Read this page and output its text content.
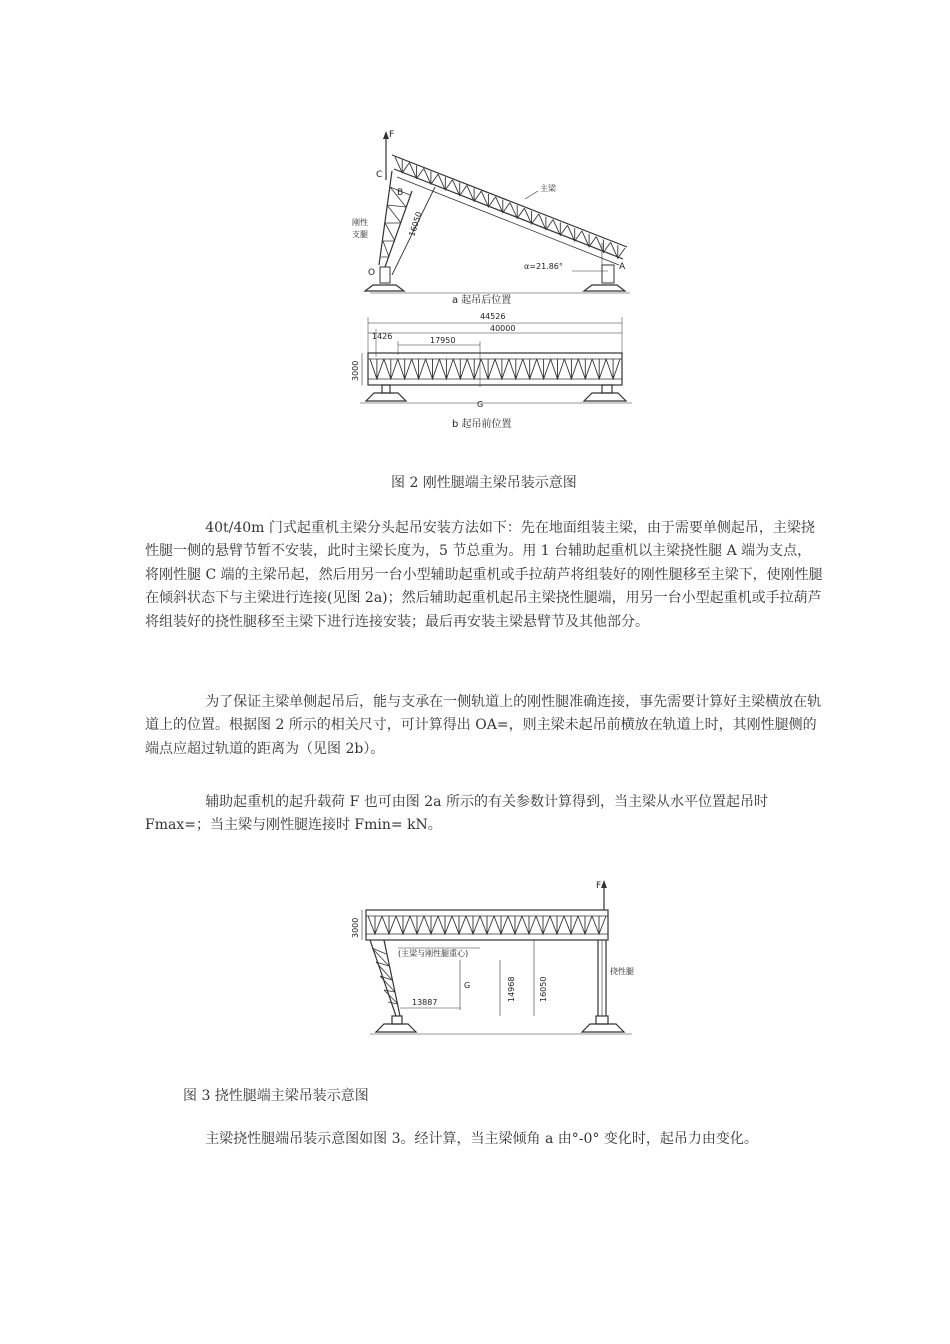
F
C
B
O
A
主梁
刚性
支腿	16050
α=21.86°
a 起吊后位置
44526
1426
40000
17950
3000
G
b 起吊前位置
图 2 刚性腿端主梁吊装示意图

40t/40m 门式起重机主梁分头起吊安装方法如下：先在地面组装主梁，由于需要单侧起吊，主梁挠性腿一侧的悬臂节暂不安装，此时主梁长度为，5 节总重为。用 1 台辅助起重机以主梁挠性腿 A 端为支点，将刚性腿 C 端的主梁吊起，然后用另一台小型辅助起重机或手拉葫芦将组装好的刚性腿移至主梁下，使刚性腿在倾斜状态下与主梁进行连接(见图 2a)；然后辅助起重机起吊主梁挠性腿端，用另一台小型起重机或手拉葫芦将组装好的挠性腿移至主梁下进行连接安装；最后再安装主梁悬臂节及其他部分。

为了保证主梁单侧起吊后，能与支承在一侧轨道上的刚性腿准确连接，事先需要计算好主梁横放在轨道上的位置。根据图 2 所示的相关尺寸，可计算得出 OA=，则主梁未起吊前横放在轨道上时，其刚性腿侧的端点应超过轨道的距离为（见图 2b）。

辅助起重机的起升载荷 F 也可由图 2a 所示的有关参数计算得到，当主梁从水平位置起吊时 Fmax=；当主梁与刚性腿连接时 Fmin= kN。

F
3000
(主梁与刚性腿重心)
G	14968	16050
13887
挠性腿
图 3 挠性腿端主梁吊装示意图

主梁挠性腿端吊装示意图如图 3。经计算，当主梁倾角 a 由°-0° 变化时，起吊力由变化。
